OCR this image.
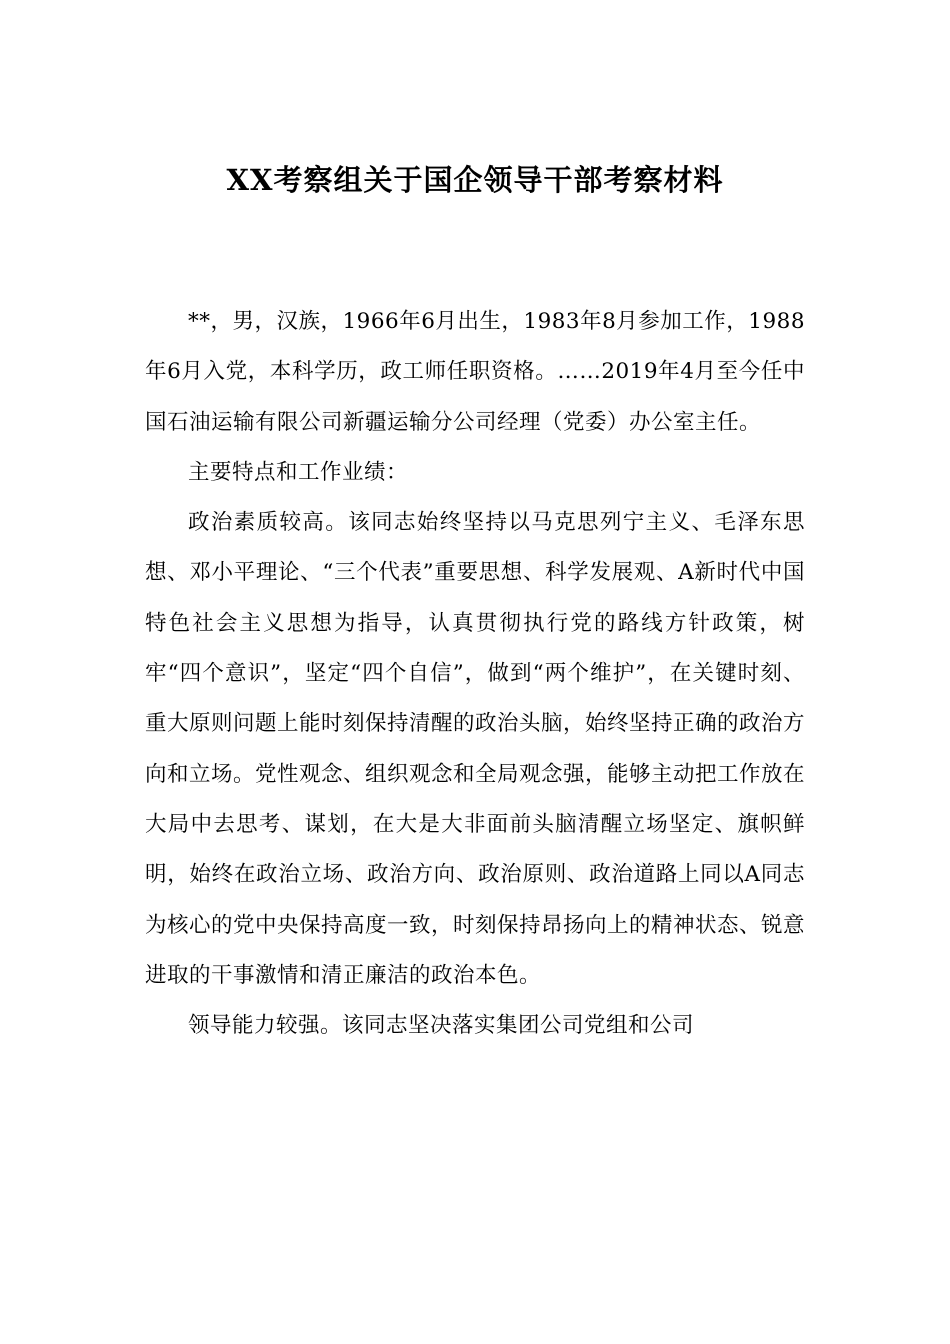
XX考察组关于国企领导干部考察材料

**，男，汉族，1966年6月出生，1983年8月参加工作，1988年6月入党，本科学历，政工师任职资格。……2019年4月至今任中国石油运输有限公司新疆运输分公司经理（党委）办公室主任。

主要特点和工作业绩：

政治素质较高。该同志始终坚持以马克思列宁主义、毛泽东思想、邓小平理论、“三个代表”重要思想、科学发展观、A新时代中国特色社会主义思想为指导，认真贯彻执行党的路线方针政策，树牢“四个意识”，坚定“四个自信”，做到“两个维护”，在关键时刻、重大原则问题上能时刻保持清醒的政治头脑，始终坚持正确的政治方向和立场。党性观念、组织观念和全局观念强，能够主动把工作放在大局中去思考、谋划，在大是大非面前头脑清醒立场坚定、旗帜鲜明，始终在政治立场、政治方向、政治原则、政治道路上同以A同志为核心的党中央保持高度一致，时刻保持昂扬向上的精神状态、锐意进取的干事激情和清正廉洁的政治本色。

领导能力较强。该同志坚决落实集团公司党组和公司
